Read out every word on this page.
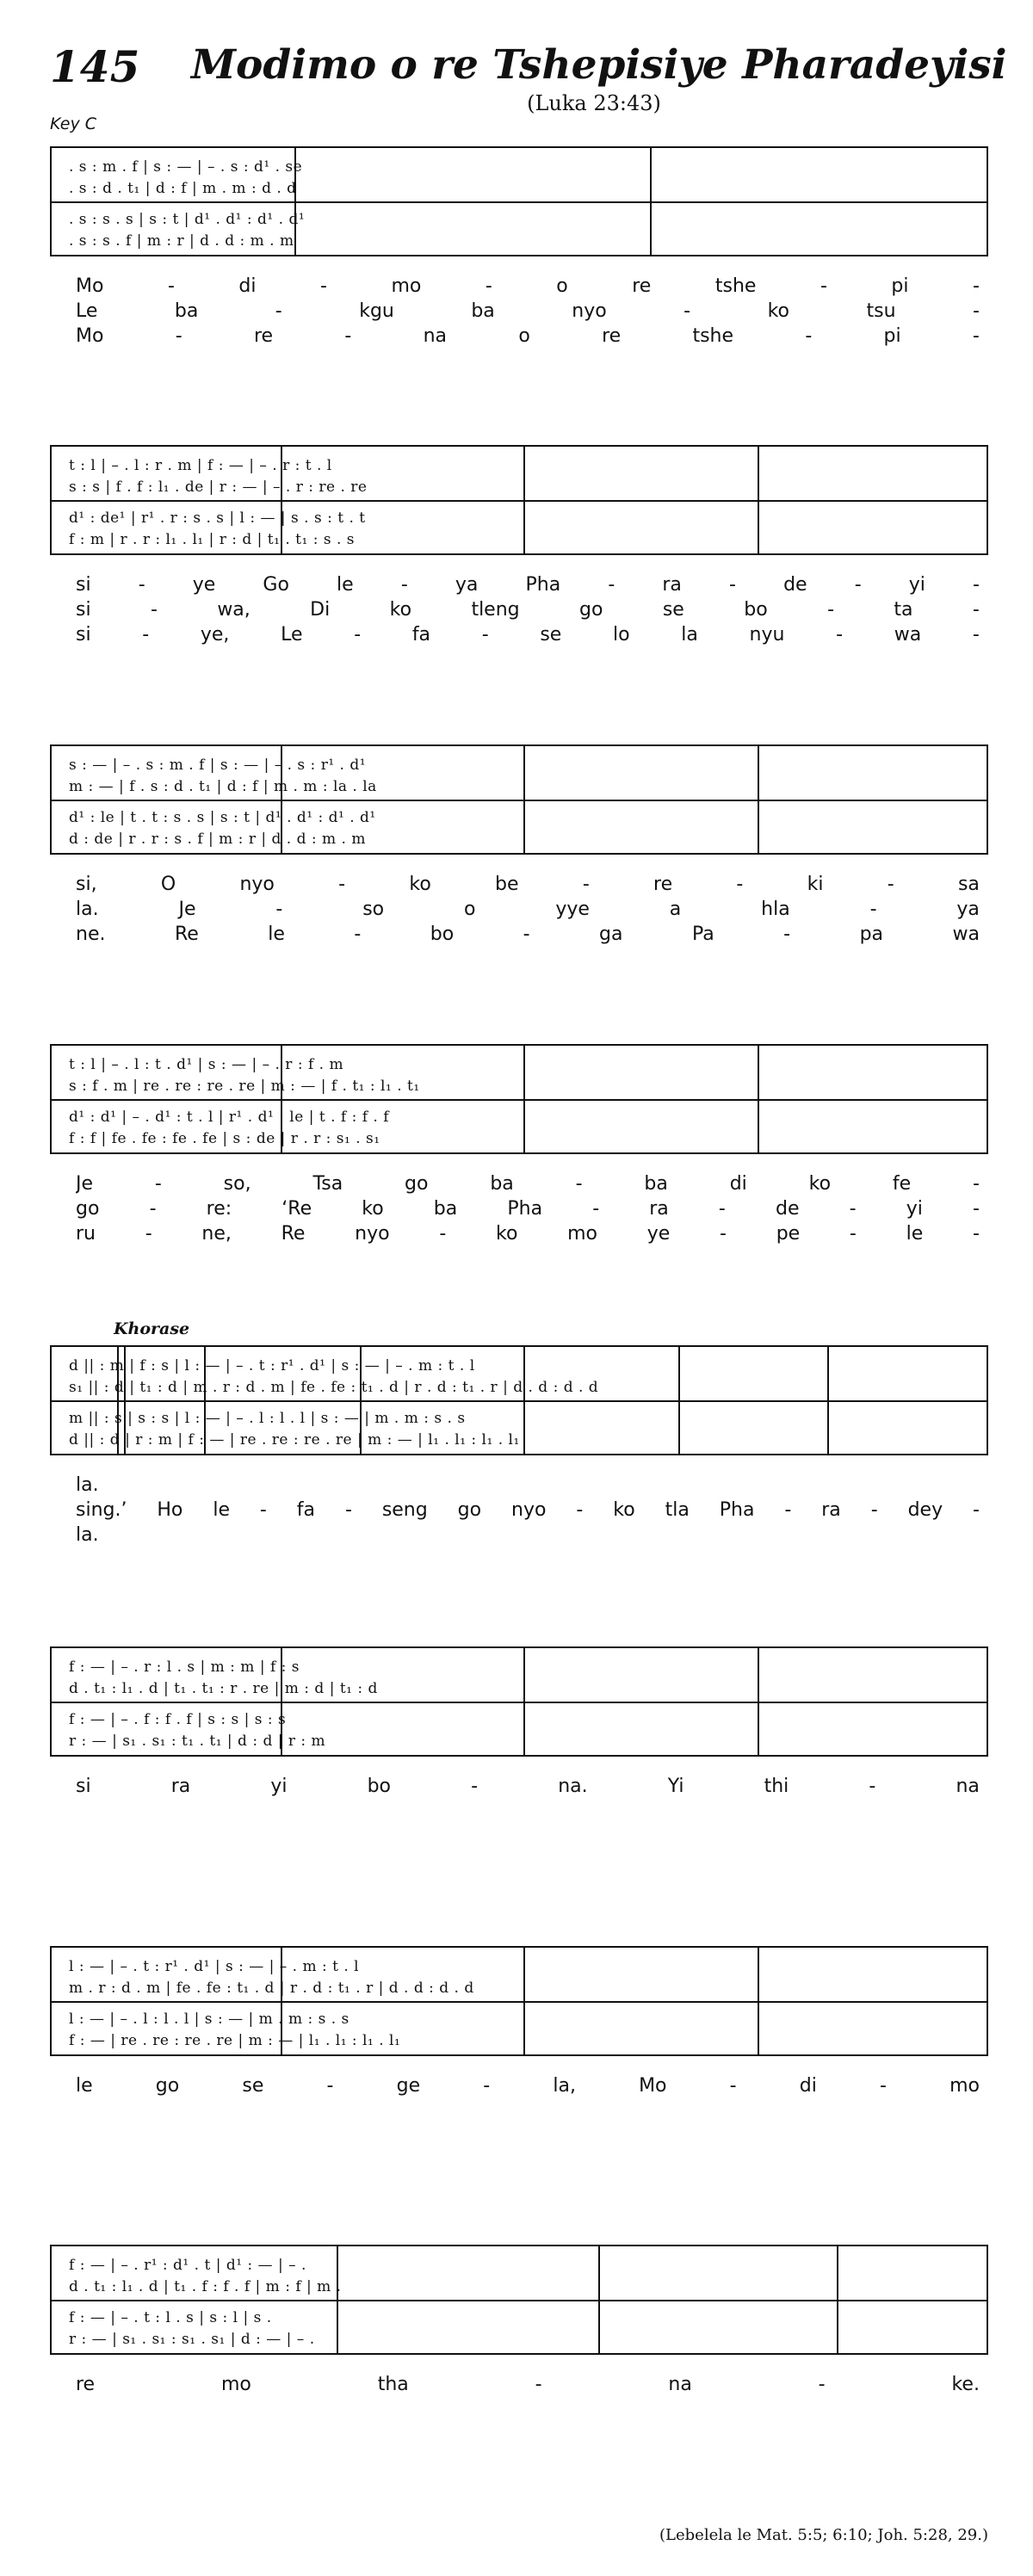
145 Modimo o re Tshepisiye Pharadeyisi
(Luka 23:43)
Key C
Khorase
. s : m . f | s : — | – . s : d¹ . se
. s : d . t₁ | d : f | m . m : d . d
. s : s . s | s : t | d¹ . d¹ : d¹ . d¹
. s : s . f | m : r | d . d : m . m
Mo	-	di	-	mo	-	o	re	tshe	-	pi	-
Le	ba	-	kgu	ba	nyo	-	ko	tsu	-
Mo	-	re	-	na	o	re	tshe	-	pi	-
t : l | – . l : r . m | f : — | – . r : t . l
s : s | f . f : l₁ . de | r : — | – . r : re . re
d¹ : de¹ | r¹ . r : s . s | l : — | s . s : t . t
f : m | r . r : l₁ . l₁ | r : d | t₁ . t₁ : s . s
si	-	ye	Go	le	-	ya	Pha	-	ra	-	de	-	yi	-
si	-	wa,	Di	ko	tleng	go	se	bo	-	ta	-
si	-	ye,	Le	-	fa	-	se	lo	la	nyu	-	wa	-
s : — | – . s : m . f | s : — | – . s : r¹ . d¹
m : — | f . s : d . t₁ | d : f | m . m : la . la
d¹ : le | t . t : s . s | s : t | d¹ . d¹ : d¹ . d¹
d : de | r . r : s . f | m : r | d . d : m . m
si,	O	nyo	-	ko	be	-	re	-	ki	-	sa
la.	Je	-	so	o	yye	a	hla	-	ya
ne.	Re	le	-	bo	-	ga	Pa	-	pa	wa
t : l | – . l : t . d¹ | s : — | – . r : f . m
s : f . m | re . re : re . re | m : — | f . t₁ : l₁ . t₁
d¹ : d¹ | – . d¹ : t . l | r¹ . d¹ : le | t . f : f . f
f : f | fe . fe : fe . fe | s : de | r . r : s₁ . s₁
Je	-	so,	Tsa	go	ba	-	ba	di	ko	fe	-
go	-	re:	‘Re	ko	ba	Pha	-	ra	-	de	-	yi	-
ru	-	ne,	Re	nyo	-	ko	mo	ye	-	pe	-	le	-
d || : m | f : s | l : — | – . t : r¹ . d¹ | s : — | – . m : t . l
s₁ || : d | t₁ : d | m . r : d . m | fe . fe : t₁ . d | r . d : t₁ . r | d . d : d . d
m || : s | s : s | l : — | – . l : l . l | s : — | m . m : s . s
d || : d | r : m | f : — | re . re : re . re | m : — | l₁ . l₁ : l₁ . l₁
la.
sing.’ Ho le - fa - seng go nyo - ko tla Pha - ra - dey -
la.
f : — | – . r : l . s | m : m | f : s
d . t₁ : l₁ . d | t₁ . t₁ : r . re | m : d | t₁ : d
f : — | – . f : f . f | s : s | s : s
r : — | s₁ . s₁ : t₁ . t₁ | d : d | r : m
si	ra	yi	bo	-	na.	Yi	thi	-	na
l : — | – . t : r¹ . d¹ | s : — | – . m : t . l
m . r : d . m | fe . fe : t₁ . d | r . d : t₁ . r | d . d : d . d
l : — | – . l : l . l | s : — | m . m : s . s
f : — | re . re : re . re | m : — | l₁ . l₁ : l₁ . l₁
le	go	se	-	ge	-	la,	Mo	-	di	-	mo
f : — | – . r¹ : d¹ . t | d¹ : — | – .
d . t₁ : l₁ . d | t₁ . f : f . f | m : f | m .
f : — | – . t : l . s | s : l | s .
r : — | s₁ . s₁ : s₁ . s₁ | d : — | – .
re	mo	tha	-	na	-	ke.
(Lebelela le Mat. 5:5; 6:10; Joh. 5:28, 29.)
